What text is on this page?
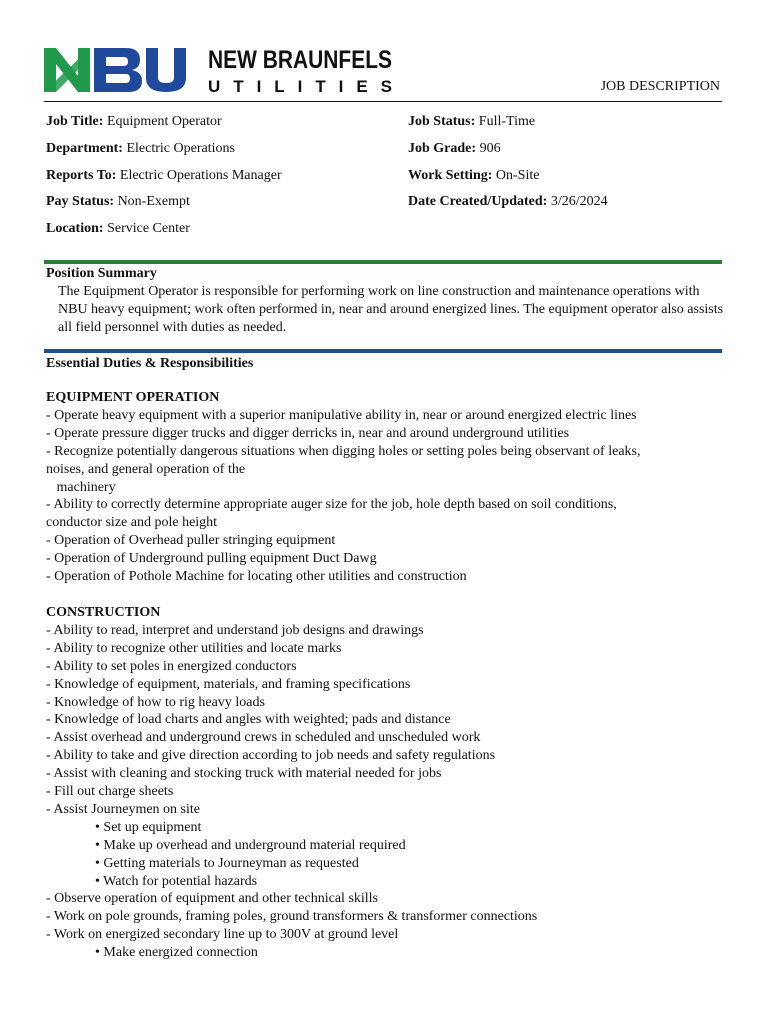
NEW BRAUNFELS
UTILITIES	JOB DESCRIPTION
Job Title: Equipment Operator	Job Status: Full-Time
Department: Electric Operations	Job Grade: 906
Reports To: Electric Operations Manager	Work Setting: On-Site
Pay Status: Non-Exempt	Date Created/Updated: 3/26/2024
Location: Service Center
Position Summary
The Equipment Operator is responsible for performing work on line construction and maintenance operations with NBU heavy equipment; work often performed in, near and around energized lines. The equipment operator also assists all field personnel with duties as needed.
Essential Duties & Responsibilities
EQUIPMENT OPERATION
- Operate heavy equipment with a superior manipulative ability in, near or around energized electric lines
- Operate pressure digger trucks and digger derricks in, near and around underground utilities
- Recognize potentially dangerous situations when digging holes or setting poles being observant of leaks,
noises, and general operation of the
machinery
- Ability to correctly determine appropriate auger size for the job, hole depth based on soil conditions,
conductor size and pole height
- Operation of Overhead puller stringing equipment
- Operation of Underground pulling equipment Duct Dawg
- Operation of Pothole Machine for locating other utilities and construction
CONSTRUCTION
- Ability to read, interpret and understand job designs and drawings
- Ability to recognize other utilities and locate marks
- Ability to set poles in energized conductors
- Knowledge of equipment, materials, and framing specifications
- Knowledge of how to rig heavy loads
- Knowledge of load charts and angles with weighted; pads and distance
- Assist overhead and underground crews in scheduled and unscheduled work
- Ability to take and give direction according to job needs and safety regulations
- Assist with cleaning and stocking truck with material needed for jobs
- Fill out charge sheets
- Assist Journeymen on site
• Set up equipment
• Make up overhead and underground material required
• Getting materials to Journeyman as requested
• Watch for potential hazards
- Observe operation of equipment and other technical skills
- Work on pole grounds, framing poles, ground transformers & transformer connections
- Work on energized secondary line up to 300V at ground level
• Make energized connection
